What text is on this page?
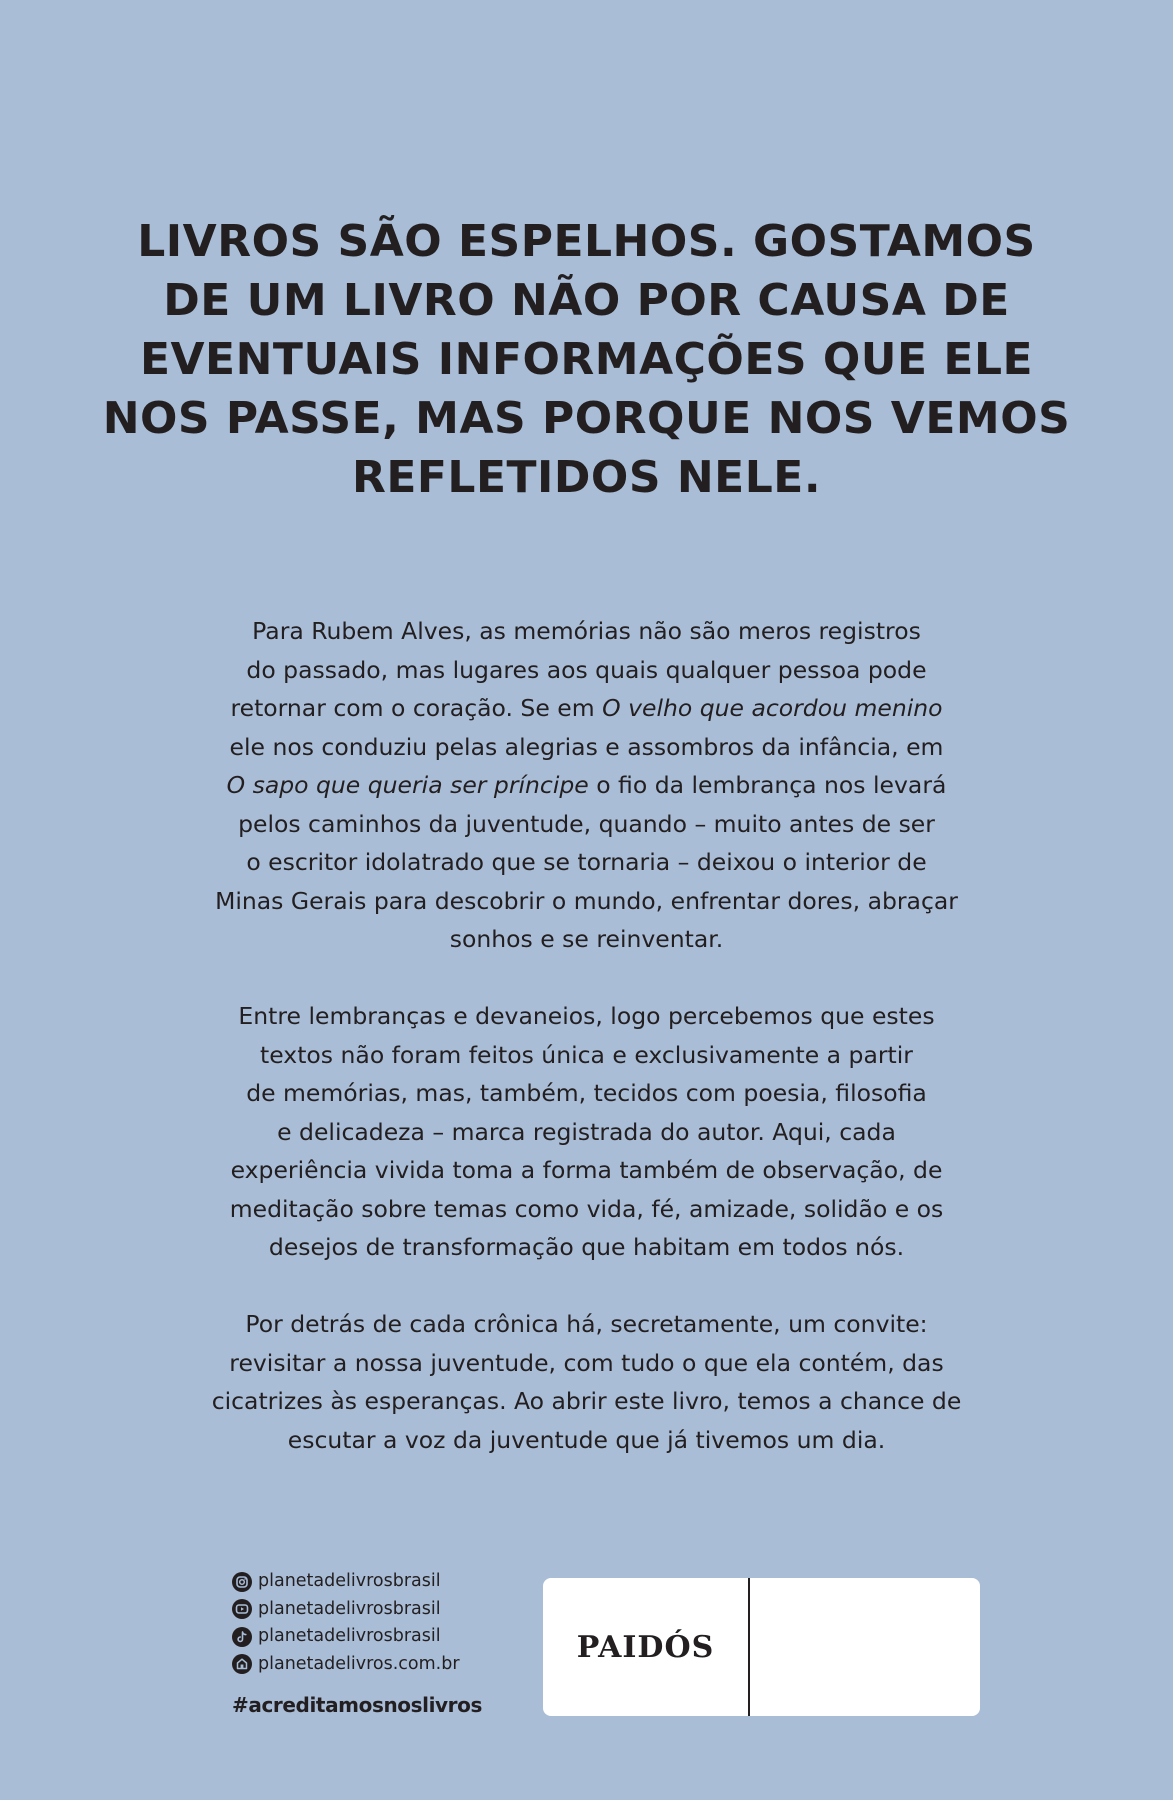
LIVROS SÃO ESPELHOS. GOSTAMOS
DE UM LIVRO NÃO POR CAUSA DE
EVENTUAIS INFORMAÇÕES QUE ELE
NOS PASSE, MAS PORQUE NOS VEMOS
REFLETIDOS NELE.
Para Rubem Alves, as memórias não são meros registros
do passado, mas lugares aos quais qualquer pessoa pode
retornar com o coração. Se em O velho que acordou menino
ele nos conduziu pelas alegrias e assombros da infância, em
O sapo que queria ser príncipe o fio da lembrança nos levará
pelos caminhos da juventude, quando – muito antes de ser
o escritor idolatrado que se tornaria – deixou o interior de
Minas Gerais para descobrir o mundo, enfrentar dores, abraçar
sonhos e se reinventar.
Entre lembranças e devaneios, logo percebemos que estes
textos não foram feitos única e exclusivamente a partir
de memórias, mas, também, tecidos com poesia, filosofia
e delicadeza – marca registrada do autor. Aqui, cada
experiência vivida toma a forma também de observação, de
meditação sobre temas como vida, fé, amizade, solidão e os
desejos de transformação que habitam em todos nós.
Por detrás de cada crônica há, secretamente, um convite:
revisitar a nossa juventude, com tudo o que ela contém, das
cicatrizes às esperanças. Ao abrir este livro, temos a chance de
escutar a voz da juventude que já tivemos um dia.
planetadelivrosbrasil
planetadelivrosbrasil
planetadelivrosbrasil
planetadelivros.com.br
#acreditamosnoslivros
PAIDÓS
